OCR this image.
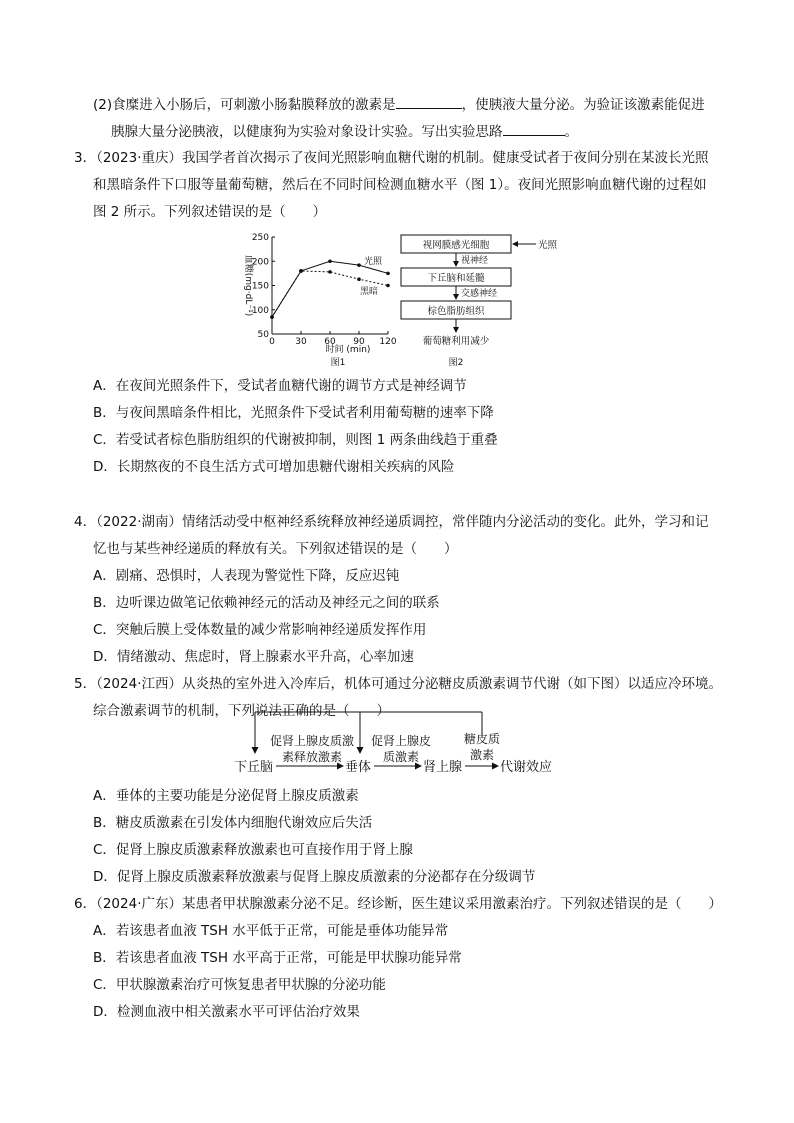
(2)食糜进入小肠后，可刺激小肠黏膜释放的激素是	，使胰液大量分泌。为验证该激素能促进
胰腺大量分泌胰液，以健康狗为实验对象设计实验。写出实验思路	。
3．（2023·重庆）我国学者首次揭示了夜间光照影响血糖代谢的机制。健康受试者于夜间分别在某波长光照
和黑暗条件下口服等量葡萄糖，然后在不同时间检测血糖水平（图 1）。夜间光照影响血糖代谢的过程如
图 2 所示。下列叙述错误的是（　　）
0 30 60 90 120
50
100
150
200
250
血糖(mg·dL⁻¹)
时间 (min)
图1
光照
黑暗
视网膜感光细胞	光照
视神经
下丘脑和延髓
交感神经
棕色脂肪组织
葡萄糖利用减少
图2
A．在夜间光照条件下，受试者血糖代谢的调节方式是神经调节
B．与夜间黑暗条件相比，光照条件下受试者利用葡萄糖的速率下降
C．若受试者棕色脂肪组织的代谢被抑制，则图 1 两条曲线趋于重叠
D．长期熬夜的不良生活方式可增加患糖代谢相关疾病的风险
4．（2022·湖南）情绪活动受中枢神经系统释放神经递质调控，常伴随内分泌活动的变化。此外，学习和记
忆也与某些神经递质的释放有关。下列叙述错误的是（　　）
A．剧痛、恐惧时，人表现为警觉性下降，反应迟钝
B．边听课边做笔记依赖神经元的活动及神经元之间的联系
C．突触后膜上受体数量的减少常影响神经递质发挥作用
D．情绪激动、焦虑时，肾上腺素水平升高，心率加速
5．（2024·江西）从炎热的室外进入冷库后，机体可通过分泌糖皮质激素调节代谢（如下图）以适应冷环境。
综合激素调节的机制，下列说法正确的是（　　）
下丘脑
促肾上腺皮质激
素释放激素
垂体
促肾上腺皮
质激素
肾上腺
糖皮质
激素
代谢效应
A．垂体的主要功能是分泌促肾上腺皮质激素
B．糖皮质激素在引发体内细胞代谢效应后失活
C．促肾上腺皮质激素释放激素也可直接作用于肾上腺
D．促肾上腺皮质激素释放激素与促肾上腺皮质激素的分泌都存在分级调节
6．（2024·广东）某患者甲状腺激素分泌不足。经诊断，医生建议采用激素治疗。下列叙述错误的是（　　）
A．若该患者血液 TSH 水平低于正常，可能是垂体功能异常
B．若该患者血液 TSH 水平高于正常，可能是甲状腺功能异常
C．甲状腺激素治疗可恢复患者甲状腺的分泌功能
D．检测血液中相关激素水平可评估治疗效果
